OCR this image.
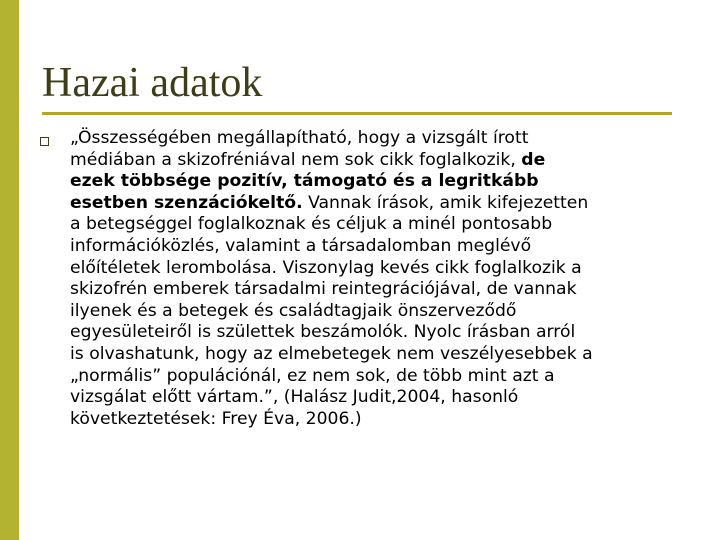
Hazai adatok

„Összességében megállapítható, hogy a vizsgált írott
médiában a skizofréniával nem sok cikk foglalkozik, de
ezek többsége pozitív, támogató és a legritkább
esetben szenzációkeltő. Vannak írások, amik kifejezetten
a betegséggel foglalkoznak és céljuk a minél pontosabb
információközlés, valamint a társadalomban meglévő
előítéletek lerombolása. Viszonylag kevés cikk foglalkozik a
skizofrén emberek társadalmi reintegrációjával, de vannak
ilyenek és a betegek és családtagjaik önszerveződő
egyesületeiről is születtek beszámolók. Nyolc írásban arról
is olvashatunk, hogy az elmebetegek nem veszélyesebbek a
„normális” populációnál, ez nem sok, de több mint azt a
vizsgálat előtt vártam.”, (Halász Judit,2004, hasonló
következtetések: Frey Éva, 2006.)
